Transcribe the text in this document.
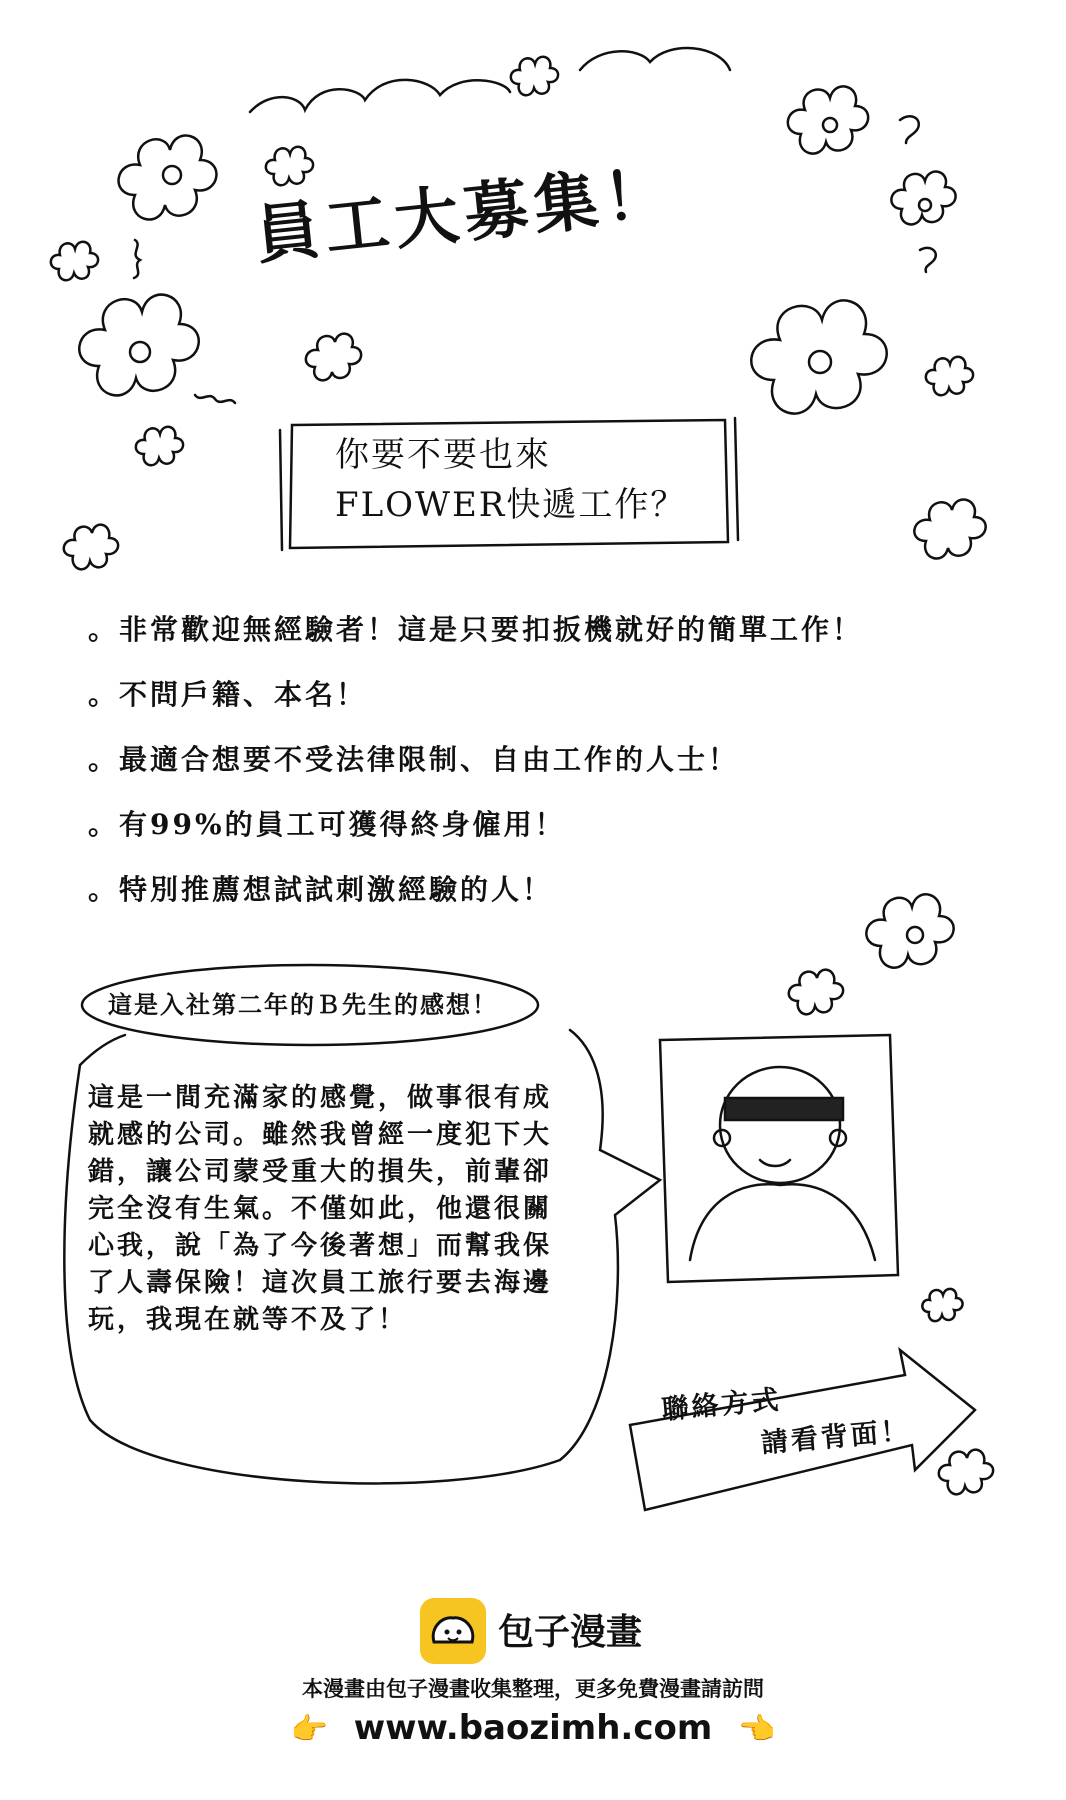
員工大募集！
你要不要也來
FLOWER快遞工作？
。非常歡迎無經驗者！這是只要扣扳機就好的簡單工作！
。不問戶籍、本名！
。最適合想要不受法律限制、自由工作的人士！
。有99%的員工可獲得終身僱用！
。特別推薦想試試刺激經驗的人！
這是入社第二年的Ｂ先生的感想！
這是一間充滿家的感覺，做事很有成
就感的公司。雖然我曾經一度犯下大
錯，讓公司蒙受重大的損失，前輩卻
完全沒有生氣。不僅如此，他還很關
心我，說「為了今後著想」而幫我保
了人壽保險！這次員工旅行要去海邊
玩，我現在就等不及了！
聯絡方式
請看背面！
包子漫畫
本漫畫由包子漫畫收集整理，更多免費漫畫請訪問
👉 www.baozimh.com 👈
